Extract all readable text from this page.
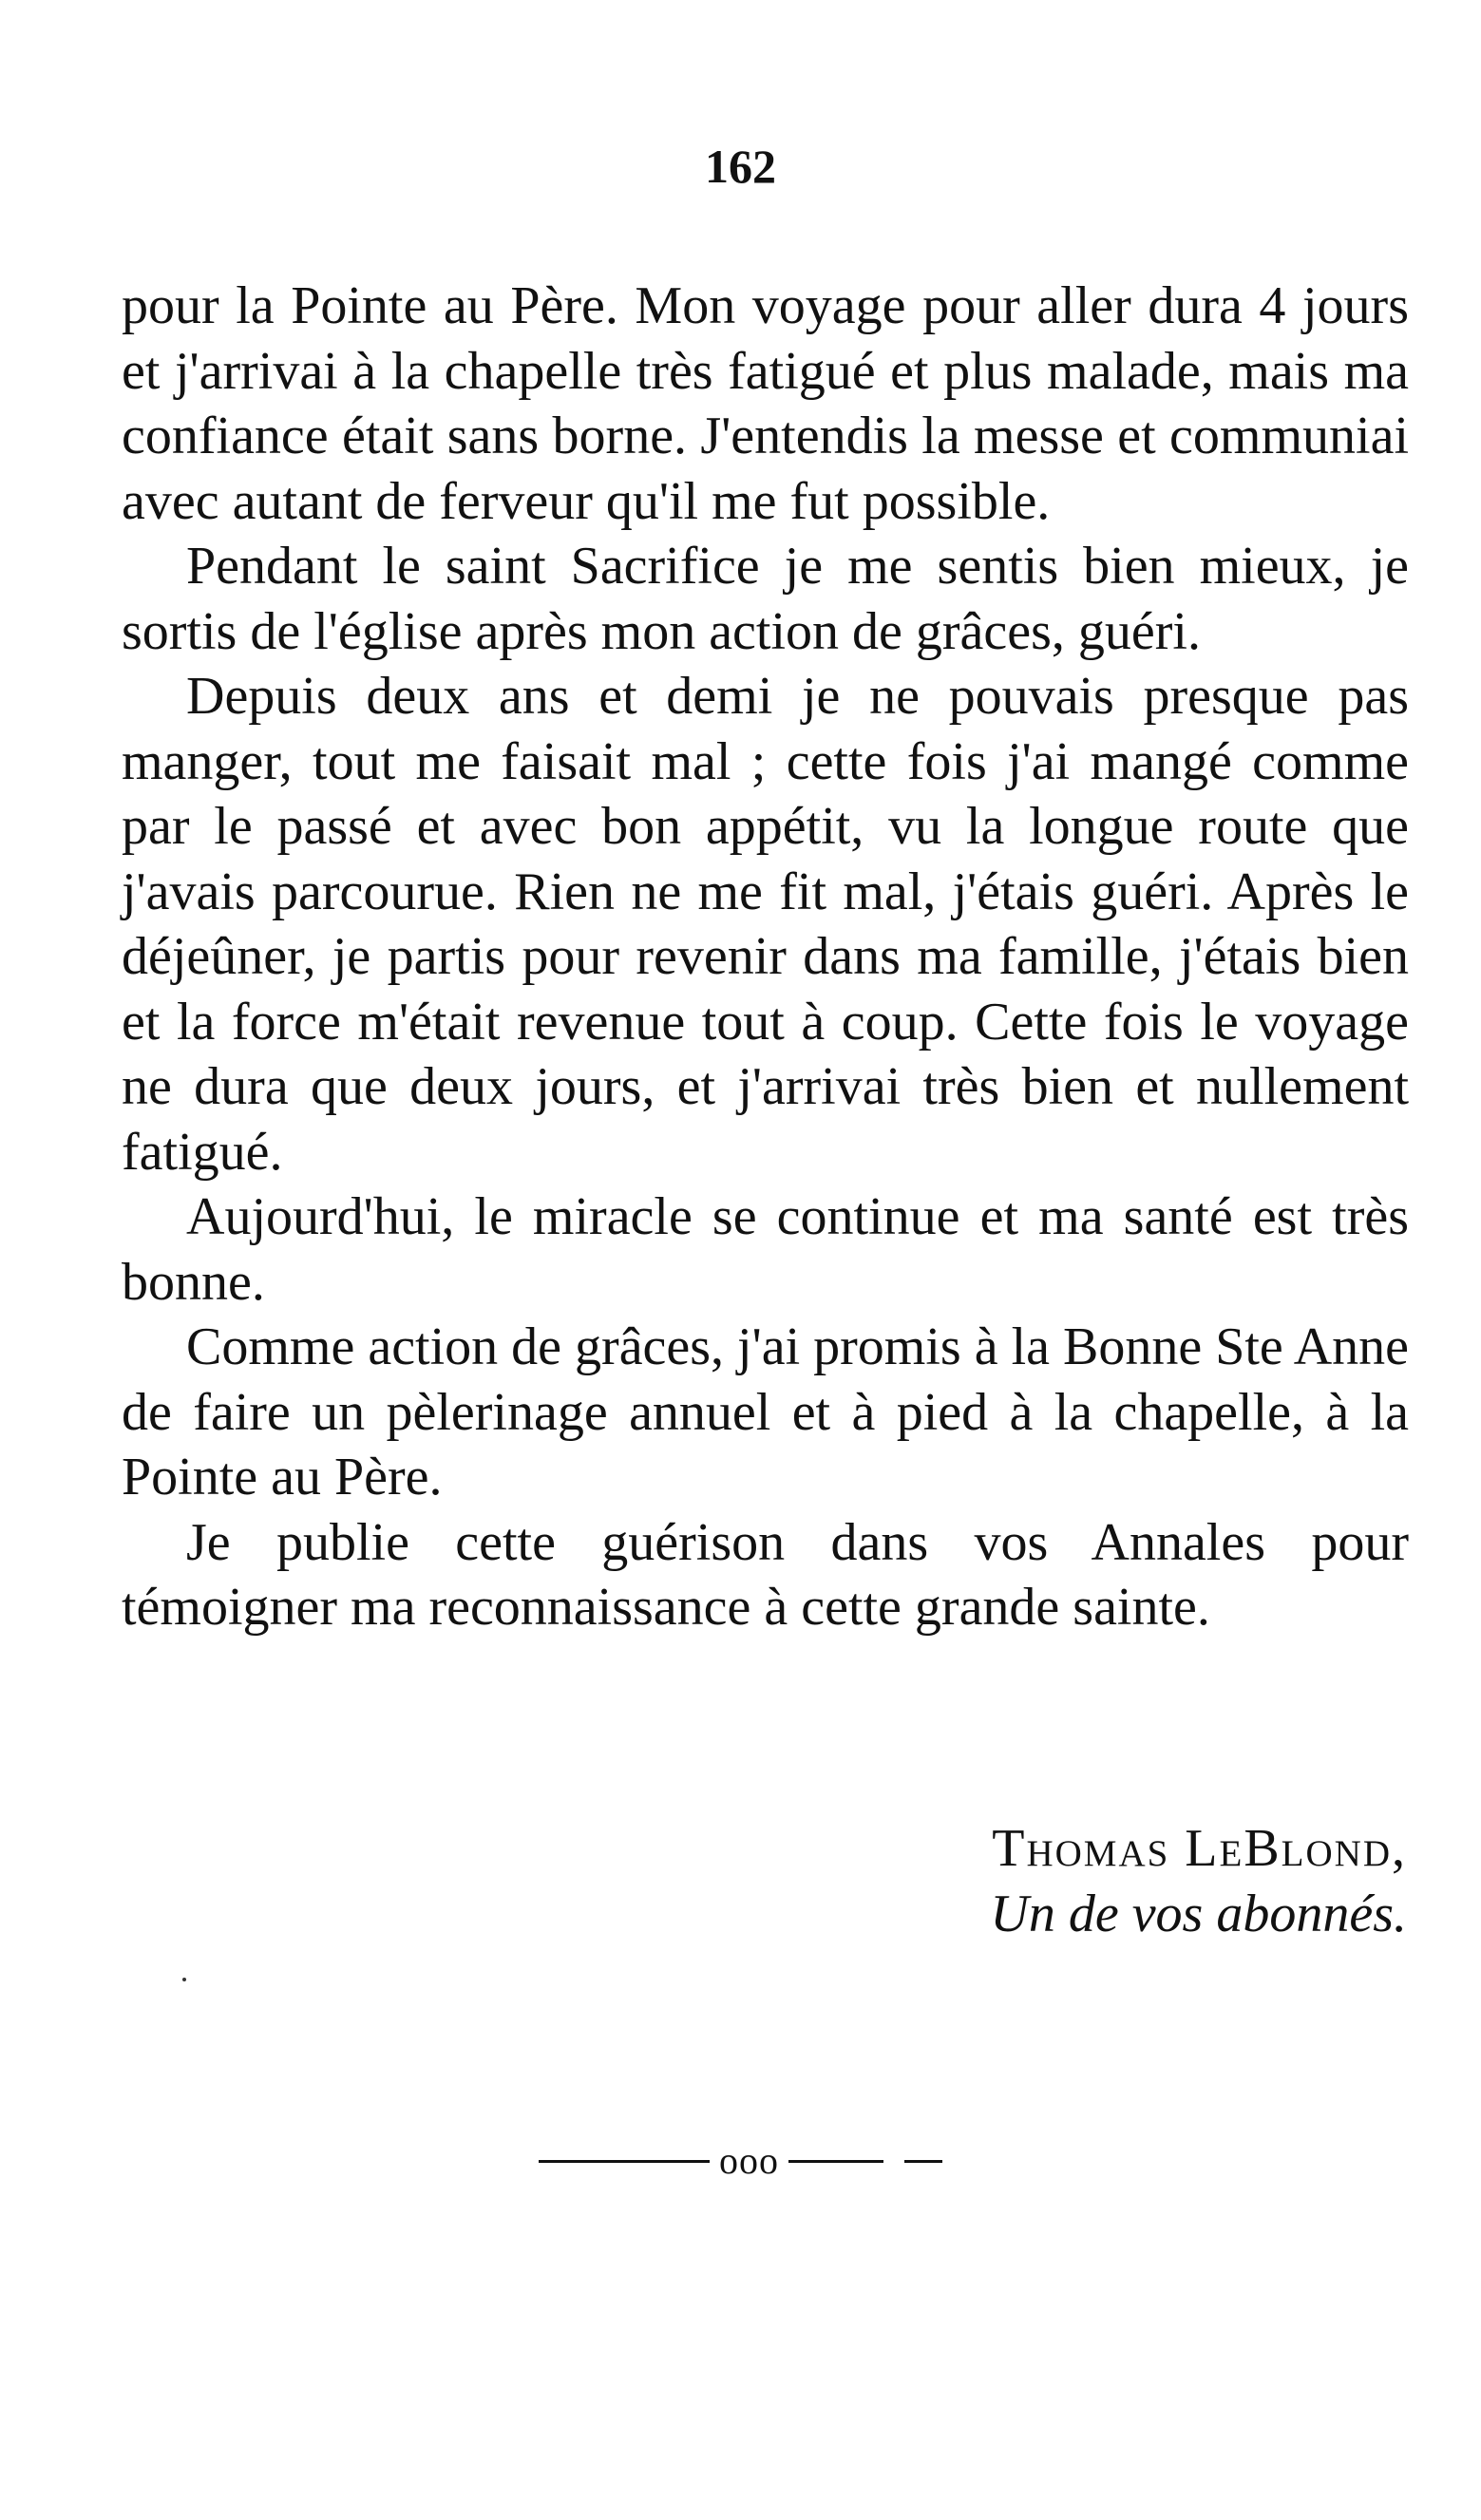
162

pour la Pointe au Père. Mon voyage pour aller dura 4 jours et j'arrivai à la chapelle très fatigué et plus malade, mais ma confiance était sans borne. J'entendis la messe et communiai avec autant de ferveur qu'il me fut possible.

Pendant le saint Sacrifice je me sentis bien mieux, je sortis de l'église après mon action de grâces, guéri.

Depuis deux ans et demi je ne pouvais presque pas manger, tout me faisait mal ; cette fois j'ai mangé comme par le passé et avec bon appétit, vu la longue route que j'avais parcourue. Rien ne me fit mal, j'étais guéri. Après le déjeûner, je partis pour revenir dans ma famille, j'étais bien et la force m'était revenue tout à coup. Cette fois le voyage ne dura que deux jours, et j'arrivai très bien et nullement fatigué.

Aujourd'hui, le miracle se continue et ma santé est très bonne.

Comme action de grâces, j'ai promis à la Bonne Ste Anne de faire un pèlerinage annuel et à pied à la chapelle, à la Pointe au Père.

Je publie cette guérison dans vos Annales pour témoigner ma reconnaissance à cette grande sainte.

Thomas LeBlond,
Un de vos abonnés.
ooo
